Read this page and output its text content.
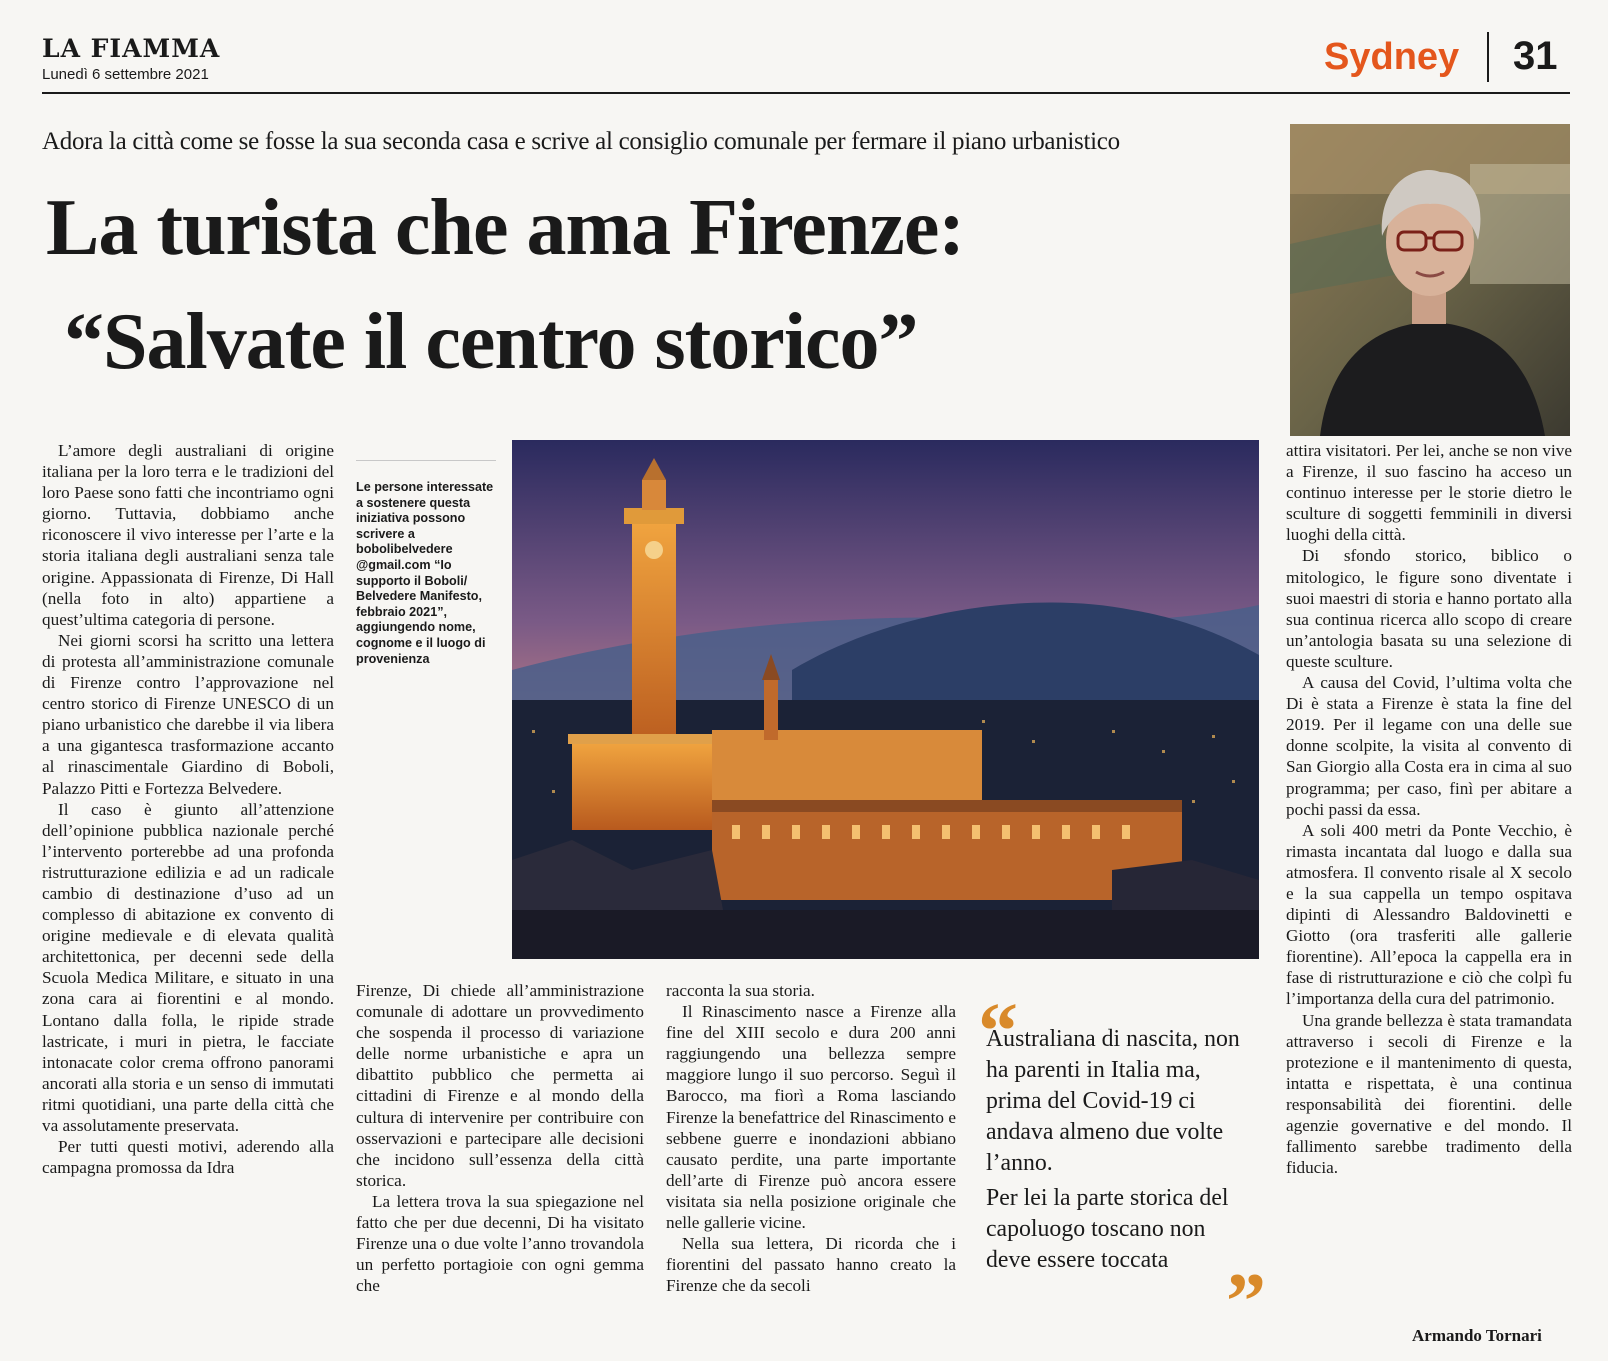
LA FIAMMA
Lunedì 6 settembre 2021	Sydney 31
Adora la città come se fosse la sua seconda casa e scrive al consiglio comunale per fermare il piano urbanistico
La turista che ama Firenze:
“Salvate il centro storico”
Le persone interessate a sostenere questa iniziativa possono scrivere a bobolibelvedere @gmail.com “Io supporto il Boboli/ Belvedere Manifesto, febbraio 2021”, aggiungendo nome, cognome e il luogo di provenienza

L’amore degli australiani di origine italiana per la loro terra e le tradizioni del loro Paese sono fatti che incontriamo ogni giorno. Tuttavia, dobbiamo anche riconoscere il vivo interesse per l’arte e la storia italiana degli australiani senza tale origine. Appassionata di Firenze, Di Hall (nella foto in alto) appartiene a quest’ultima categoria di persone.

Nei giorni scorsi ha scritto una lettera di protesta all’amministrazione comunale di Firenze contro l’approvazione nel centro storico di Firenze UNESCO di un piano urbanistico che darebbe il via libera a una gigantesca trasformazione accanto al rinascimentale Giardino di Boboli, Palazzo Pitti e Fortezza Belvedere.

Il caso è giunto all’attenzione dell’opinione pubblica nazionale perché l’intervento porterebbe ad una profonda ristrutturazione edilizia e ad un radicale cambio di destinazione d’uso ad un complesso di abitazione ex convento di origine medievale e di elevata qualità architettonica, per decenni sede della Scuola Medica Militare, e situato in una zona cara ai fiorentini e al mondo. Lontano dalla folla, le ripide strade lastricate, i muri in pietra, le facciate intonacate color crema offrono panorami ancorati alla storia e un senso di immutati ritmi quotidiani, una parte della città che va assolutamente preservata.

Per tutti questi motivi, aderendo alla campagna promossa da Idra

Firenze, Di chiede all’amministrazione comunale di adottare un provvedimento che sospenda il processo di variazione delle norme urbanistiche e apra un dibattito pubblico che permetta ai cittadini di Firenze e al mondo della cultura di intervenire per contribuire con osservazioni e partecipare alle decisioni che incidono sull’essenza della città storica.

La lettera trova la sua spiegazione nel fatto che per due decenni, Di ha visitato Firenze una o due volte l’anno trovandola un perfetto portagioie con ogni gemma che

racconta la sua storia.

Il Rinascimento nasce a Firenze alla fine del XIII secolo e dura 200 anni raggiungendo una bellezza sempre maggiore lungo il suo percorso. Seguì il Barocco, ma fiorì a Roma lasciando Firenze la benefattrice del Rinascimento e sebbene guerre e inondazioni abbiano causato perdite, una parte importante dell’arte di Firenze può ancora essere visitata sia nella posizione originale che nelle gallerie vicine.

Nella sua lettera, Di ricorda che i fiorentini del passato hanno creato la Firenze che da secoli

attira visitatori. Per lei, anche se non vive a Firenze, il suo fascino ha acceso un continuo interesse per le storie dietro le sculture di soggetti femminili in diversi luoghi della città.

Di sfondo storico, biblico o mitologico, le figure sono diventate i suoi maestri di storia e hanno portato alla sua continua ricerca allo scopo di creare un’antologia basata su una selezione di queste sculture.

A causa del Covid, l’ultima volta che Di è stata a Firenze è stata la fine del 2019. Per il legame con una delle sue donne scolpite, la visita al convento di San Giorgio alla Costa era in cima al suo programma; per caso, finì per abitare a pochi passi da essa.

A soli 400 metri da Ponte Vecchio, è rimasta incantata dal luogo e dalla sua atmosfera. Il convento risale al X secolo e la sua cappella un tempo ospitava dipinti di Alessandro Baldovinetti e Giotto (ora trasferiti alle gallerie fiorentine). All’epoca la cappella era in fase di ristrutturazione e ciò che colpì fu l’importanza della cura del patrimonio.

Una grande bellezza è stata tramandata attraverso i secoli di Firenze e la protezione e il mantenimento di questa, intatta e rispettata, è una continua responsabilità dei fiorentini. delle agenzie governative e del mondo. Il fallimento sarebbe tradimento della fiducia.

“
Australiana di nascita, non ha parenti in Italia ma, prima del Covid-19 ci andava almeno due volte l’anno.
Per lei la parte storica del capoluogo toscano non deve essere toccata ”	Armando Tornari
